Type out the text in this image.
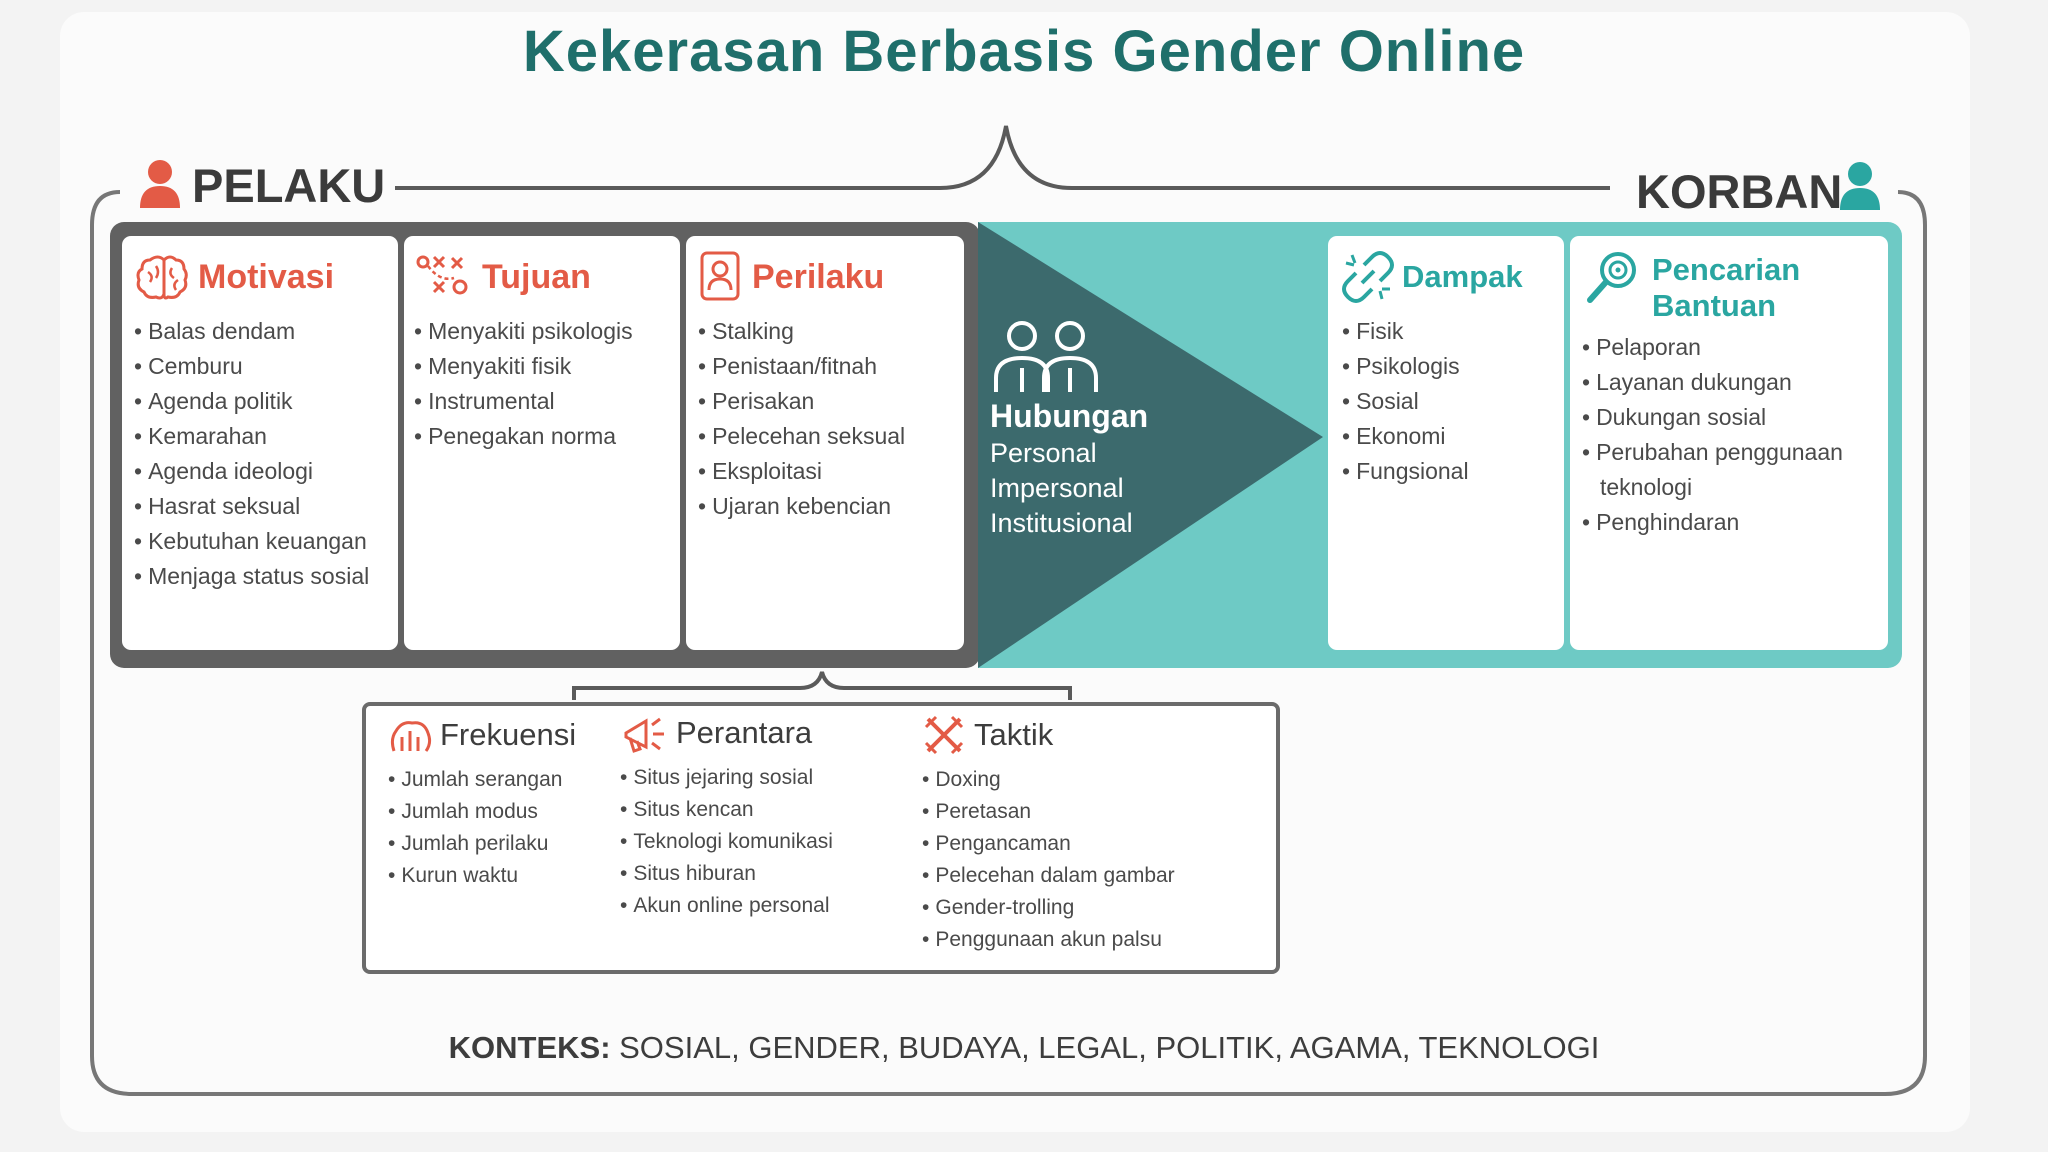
Kekerasan Berbasis Gender Online
PELAKU	KORBAN
Motivasi
• Balas dendam
• Cemburu
• Agenda politik
• Kemarahan
• Agenda ideologi
• Hasrat seksual
• Kebutuhan keuangan
• Menjaga status sosial
Tujuan
• Menyakiti psikologis
• Menyakiti fisik
• Instrumental
• Penegakan norma
Perilaku
• Stalking
• Penistaan/fitnah
• Perisakan
• Pelecehan seksual
• Eksploitasi
• Ujaran kebencian
Hubungan
Personal
Impersonal
Institusional
Dampak
• Fisik
• Psikologis
• Sosial
• Ekonomi
• Fungsional
Pencarian
Bantuan
• Pelaporan
• Layanan dukungan
• Dukungan sosial
• Perubahan penggunaan
teknologi
• Penghindaran
Frekuensi
• Jumlah serangan
• Jumlah modus
• Jumlah perilaku
• Kurun waktu
Perantara
• Situs jejaring sosial
• Situs kencan
• Teknologi komunikasi
• Situs hiburan
• Akun online personal
Taktik
• Doxing
• Peretasan
• Pengancaman
• Pelecehan dalam gambar
• Gender-trolling
• Penggunaan akun palsu
KONTEKS: SOSIAL, GENDER, BUDAYA, LEGAL, POLITIK, AGAMA, TEKNOLOGI
